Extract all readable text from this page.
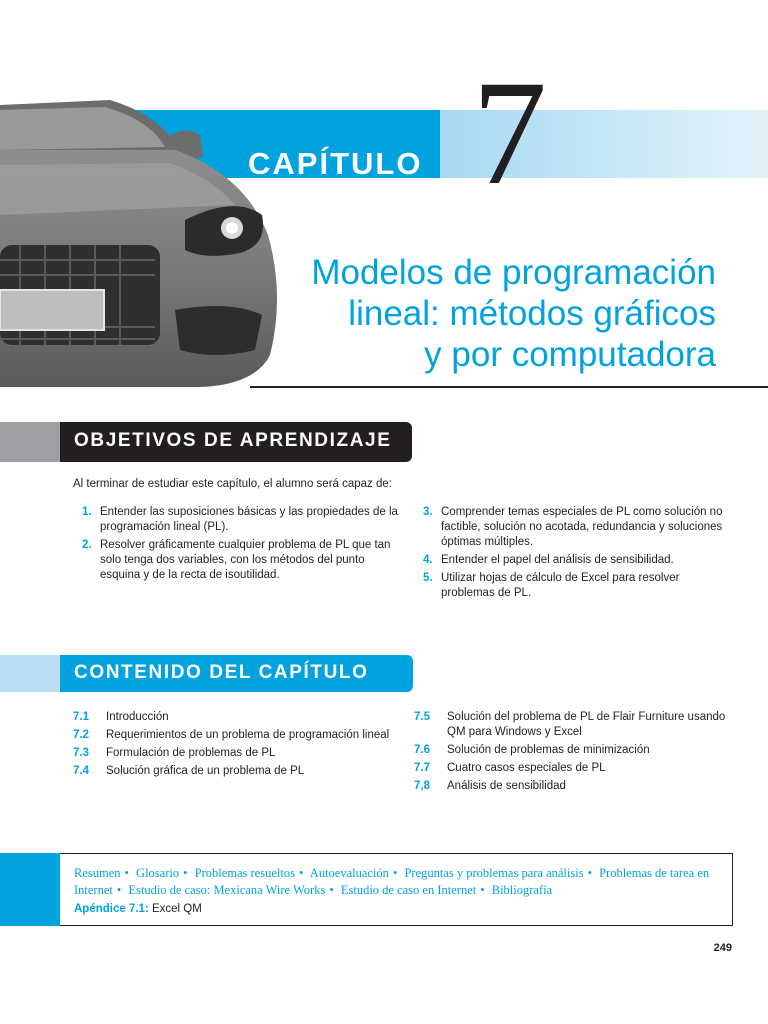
CAPÍTULO 7
Modelos de programación
lineal: métodos gráficos
y por computadora
OBJETIVOS DE APRENDIZAJE
Al terminar de estudiar este capítulo, el alumno será capaz de:
1. Entender las suposiciones básicas y las propiedades de la programación lineal (PL).
2. Resolver gráficamente cualquier problema de PL que tan solo tenga dos variables, con los métodos del punto esquina y de la recta de isoutilidad.
3. Comprender temas especiales de PL como solución no factible, solución no acotada, redundancia y soluciones óptimas múltiples.
4. Entender el papel del análisis de sensibilidad.
5. Utilizar hojas de cálculo de Excel para resolver problemas de PL.
CONTENIDO DEL CAPÍTULO
7.1 Introducción
7.2 Requerimientos de un problema de programación lineal
7.3 Formulación de problemas de PL
7.4 Solución gráfica de un problema de PL
7.5 Solución del problema de PL de Flair Furniture usando QM para Windows y Excel
7.6 Solución de problemas de minimización
7.7 Cuatro casos especiales de PL
7,8 Análisis de sensibilidad
Resumen • Glosario • Problemas resueltos • Autoevaluación • Preguntas y problemas para análisis • Problemas de tarea en Internet • Estudio de caso: Mexicana Wire Works • Estudio de caso en Internet • Bibliografía
Apéndice 7.1: Excel QM
249
